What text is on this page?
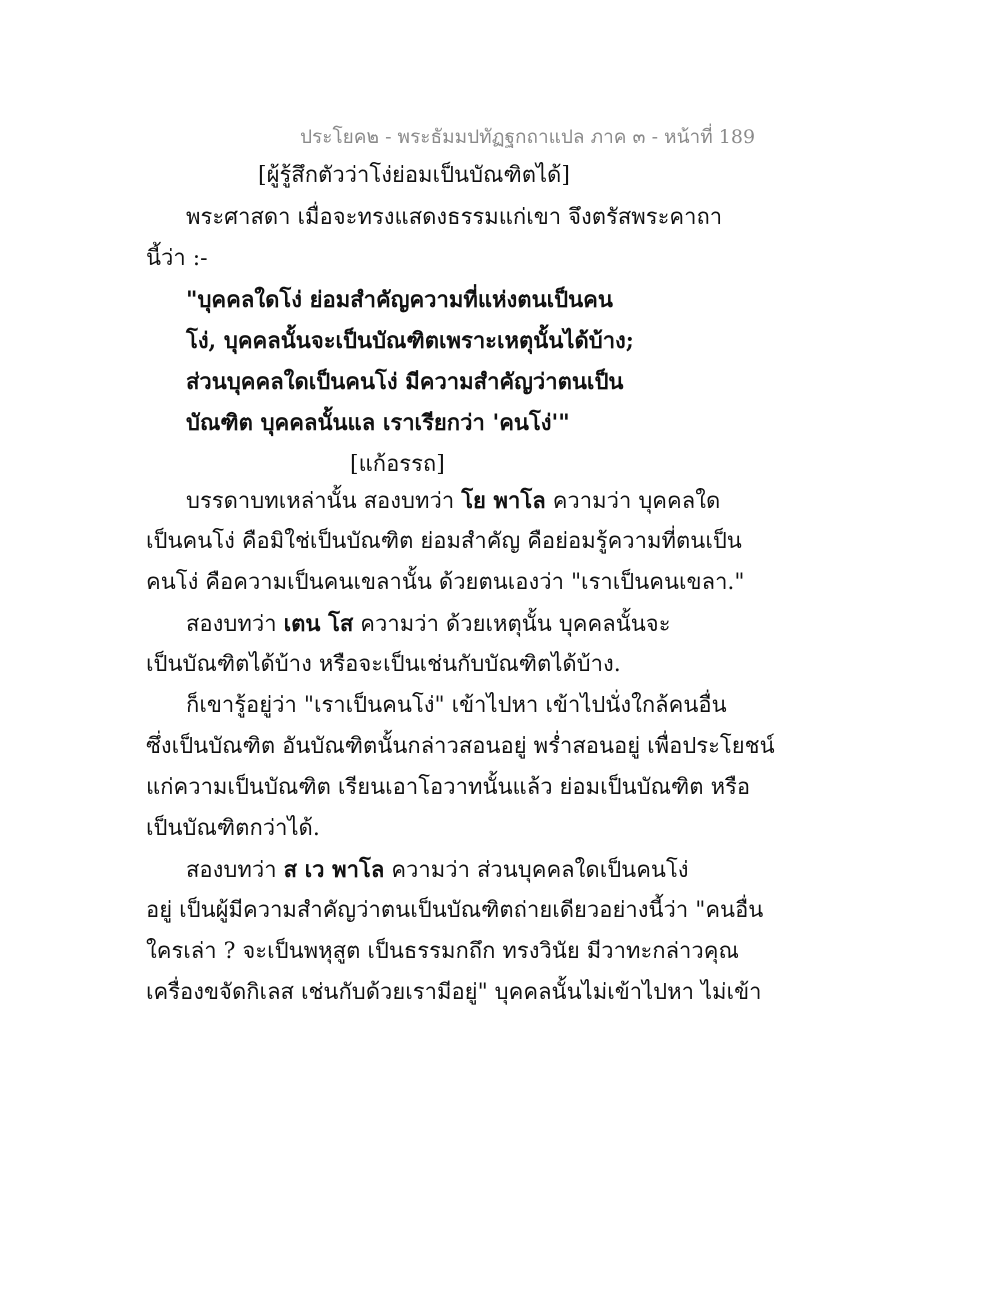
ประโยค๒ - พระธัมมปทัฏฐกถาแปล ภาค ๓ - หน้าที่ 189
[ผู้รู้สึกตัวว่าโง่ย่อมเป็นบัณฑิตได้]
พระศาสดา เมื่อจะทรงแสดงธรรมแก่เขา จึงตรัสพระคาถา
นี้ว่า :-
"บุคคลใดโง่ ย่อมสำคัญความที่แห่งตนเป็นคน
โง่, บุคคลนั้นจะเป็นบัณฑิตเพราะเหตุนั้นได้บ้าง;
ส่วนบุคคลใดเป็นคนโง่ มีความสำคัญว่าตนเป็น
บัณฑิต บุคคลนั้นแล เราเรียกว่า 'คนโง่'"
[แก้อรรถ]
บรรดาบทเหล่านั้น สองบทว่า โย พาโล ความว่า บุคคลใด
เป็นคนโง่ คือมิใช่เป็นบัณฑิต ย่อมสำคัญ คือย่อมรู้ความที่ตนเป็น
คนโง่ คือความเป็นคนเขลานั้น ด้วยตนเองว่า "เราเป็นคนเขลา."
สองบทว่า เตน โส ความว่า ด้วยเหตุนั้น บุคคลนั้นจะ
เป็นบัณฑิตได้บ้าง หรือจะเป็นเช่นกับบัณฑิตได้บ้าง.
ก็เขารู้อยู่ว่า "เราเป็นคนโง่" เข้าไปหา เข้าไปนั่งใกล้คนอื่น
ซึ่งเป็นบัณฑิต อันบัณฑิตนั้นกล่าวสอนอยู่ พร่ำสอนอยู่ เพื่อประโยชน์
แก่ความเป็นบัณฑิต เรียนเอาโอวาทนั้นแล้ว ย่อมเป็นบัณฑิต หรือ
เป็นบัณฑิตกว่าได้.
สองบทว่า ส เว พาโล ความว่า ส่วนบุคคลใดเป็นคนโง่
อยู่ เป็นผู้มีความสำคัญว่าตนเป็นบัณฑิตถ่ายเดียวอย่างนี้ว่า "คนอื่น
ใครเล่า ? จะเป็นพหุสูต เป็นธรรมกถึก ทรงวินัย มีวาทะกล่าวคุณ
เครื่องขจัดกิเลส เช่นกับด้วยเรามีอยู่" บุคคลนั้นไม่เข้าไปหา ไม่เข้า
